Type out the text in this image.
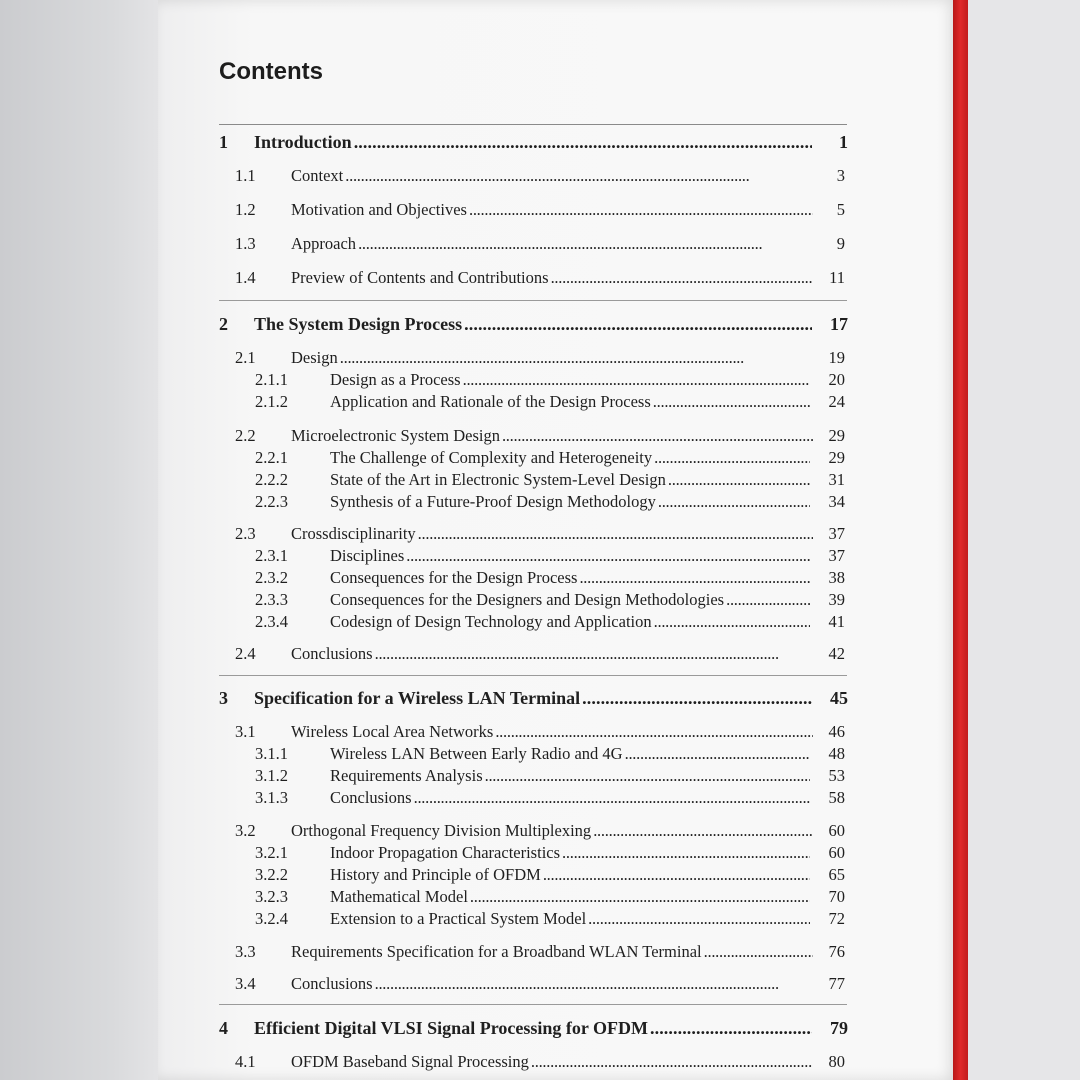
Contents
1 Introduction . . .	1
1.1 Context . . .	3
1.2 Motivation and Objectives . . .	5
1.3 Approach . . .	9
1.4 Preview of Contents and Contributions . . .	11
2 The System Design Process . . .	17
2.1 Design . . .	19
2.1.1	Design as a Process . . .	20
2.1.2	Application and Rationale of the Design Process . . .	24
2.2 Microelectronic System Design . . .	29
2.2.1	The Challenge of Complexity and Heterogeneity . . .	29
2.2.2	State of the Art in Electronic System-Level Design . . .	31
2.2.3	Synthesis of a Future-Proof Design Methodology . . .	34
2.3 Crossdisciplinarity . . .	37
2.3.1	Disciplines . . .	37
2.3.2	Consequences for the Design Process . . .	38
2.3.3	Consequences for the Designers and Design Methodologies . . .	39
2.3.4	Codesign of Design Technology and Application . . .	41
2.4 Conclusions . . .	42
3 Specification for a Wireless LAN Terminal . . .	45
3.1 Wireless Local Area Networks . . .	46
3.1.1	Wireless LAN Between Early Radio and 4G . . .	48
3.1.2	Requirements Analysis . . .	53
3.1.3	Conclusions . . .	58
3.2 Orthogonal Frequency Division Multiplexing . . .	60
3.2.1	Indoor Propagation Characteristics . . .	60
3.2.2	History and Principle of OFDM . . .	65
3.2.3	Mathematical Model . . .	70
3.2.4	Extension to a Practical System Model . . .	72
3.3 Requirements Specification for a Broadband WLAN Terminal . . .	76
3.4 Conclusions . . .	77
4 Efficient Digital VLSI Signal Processing for OFDM . . .	79
4.1 OFDM Baseband Signal Processing . . .	80
